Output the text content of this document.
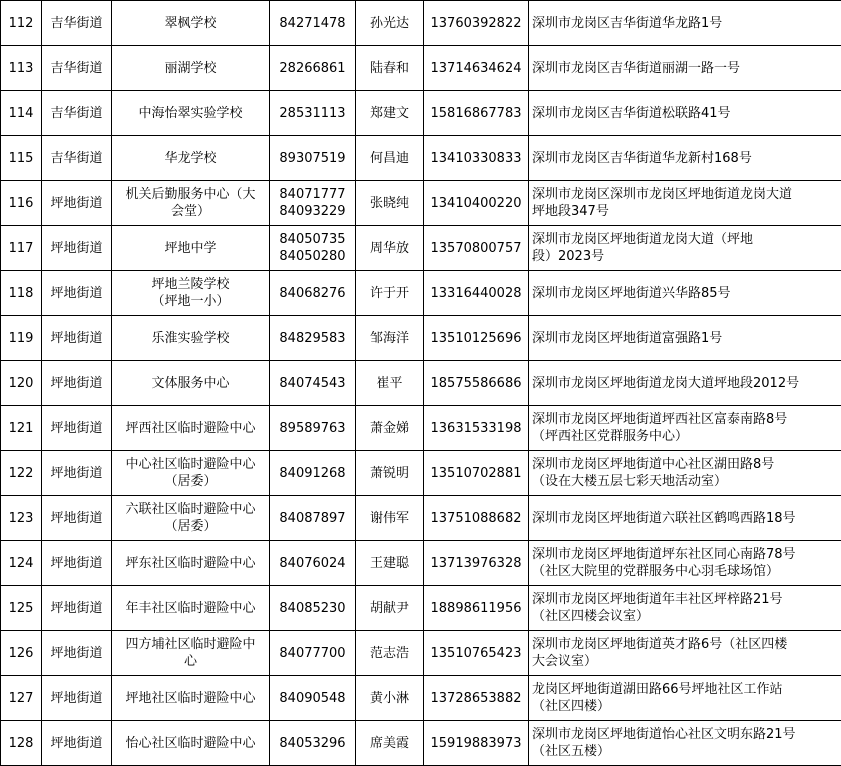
112	吉华街道	翠枫学校	84271478	孙光达	13760392822	深圳市龙岗区吉华街道华龙路1号

113	吉华街道	丽湖学校	28266861	陆春和	13714634624	深圳市龙岗区吉华街道丽湖一路一号

114	吉华街道	中海怡翠实验学校	28531113	郑建文	15816867783	深圳市龙岗区吉华街道松联路41号

115	吉华街道	华龙学校	89307519	何昌迪	13410330833	深圳市龙岗区吉华街道华龙新村168号

116	坪地街道	机关后勤服务中心（大
会堂）	84071777
84093229	张晓纯	13410400220	深圳市龙岗区深圳市龙岗区坪地街道龙岗大道
坪地段347号

117	坪地街道	坪地中学	84050735
84050280	周华放	13570800757	深圳市龙岗区坪地街道龙岗大道（坪地
段）2023号

118	坪地街道	坪地兰陵学校
（坪地一小）	84068276	许于开	13316440028	深圳市龙岗区坪地街道兴华路85号

119	坪地街道	乐淮实验学校	84829583	邹海洋	13510125696	深圳市龙岗区坪地街道富强路1号

120	坪地街道	文体服务中心	84074543	崔平	18575586686	深圳市龙岗区坪地街道龙岗大道坪地段2012号

121	坪地街道	坪西社区临时避险中心	89589763	萧金娣	13631533198	深圳市龙岗区坪地街道坪西社区富泰南路8号
（坪西社区党群服务中心）

122	坪地街道	中心社区临时避险中心
（居委）	84091268	萧锐明	13510702881	深圳市龙岗区坪地街道中心社区湖田路8号
（设在大楼五层七彩天地活动室）

123	坪地街道	六联社区临时避险中心
（居委）	84087897	谢伟军	13751088682	深圳市龙岗区坪地街道六联社区鹤鸣西路18号

124	坪地街道	坪东社区临时避险中心	84076024	王建聪	13713976328	深圳市龙岗区坪地街道坪东社区同心南路78号
（社区大院里的党群服务中心羽毛球场馆）

125	坪地街道	年丰社区临时避险中心	84085230	胡献尹	18898611956	深圳市龙岗区坪地街道年丰社区坪梓路21号
（社区四楼会议室）

126	坪地街道	四方埔社区临时避险中
心	84077700	范志浩	13510765423	深圳市龙岗区坪地街道英才路6号（社区四楼
大会议室）

127	坪地街道	坪地社区临时避险中心	84090548	黄小淋	13728653882	龙岗区坪地街道湖田路66号坪地社区工作站
（社区四楼）

128	坪地街道	怡心社区临时避险中心	84053296	席美霞	15919883973	深圳市龙岗区坪地街道怡心社区文明东路21号
（社区五楼）
